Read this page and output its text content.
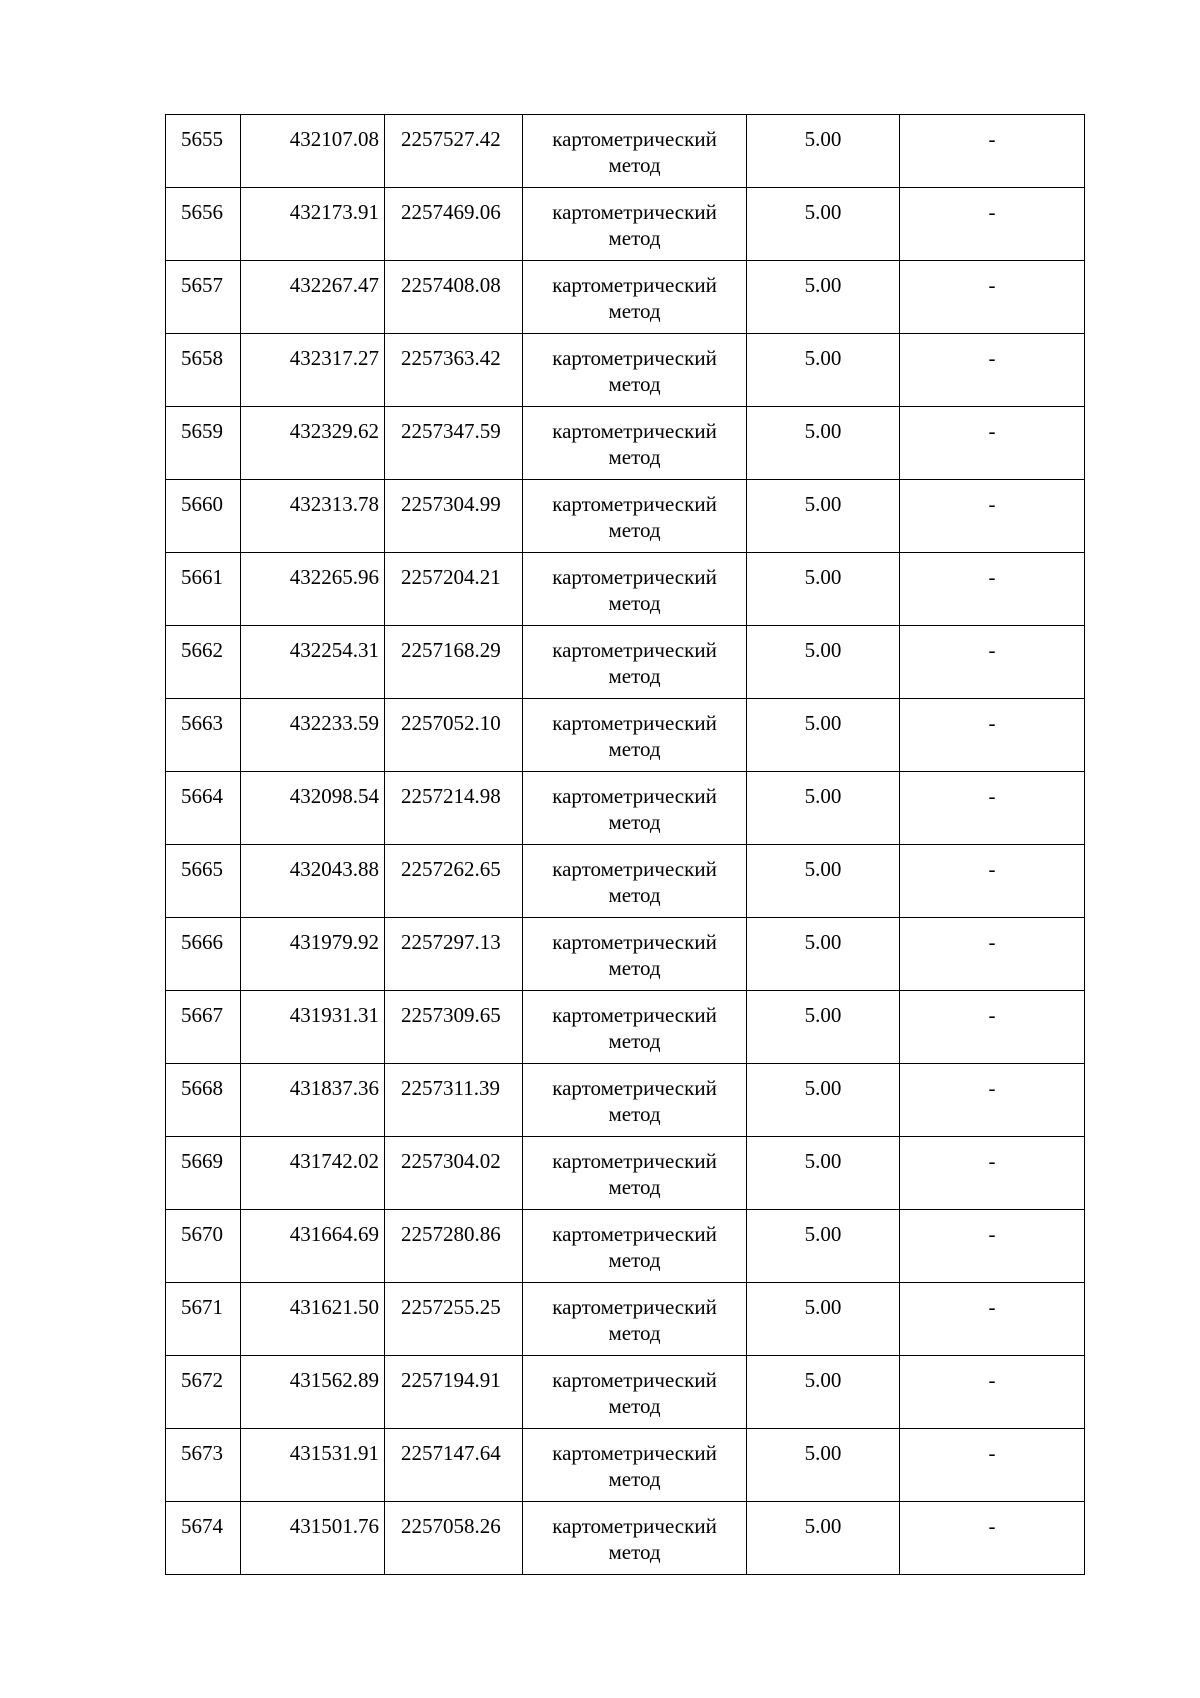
5655	432107.08	2257527.42	картометрический метод	5.00	-
5656	432173.91	2257469.06	картометрический метод	5.00	-
5657	432267.47	2257408.08	картометрический метод	5.00	-
5658	432317.27	2257363.42	картометрический метод	5.00	-
5659	432329.62	2257347.59	картометрический метод	5.00	-
5660	432313.78	2257304.99	картометрический метод	5.00	-
5661	432265.96	2257204.21	картометрический метод	5.00	-
5662	432254.31	2257168.29	картометрический метод	5.00	-
5663	432233.59	2257052.10	картометрический метод	5.00	-
5664	432098.54	2257214.98	картометрический метод	5.00	-
5665	432043.88	2257262.65	картометрический метод	5.00	-
5666	431979.92	2257297.13	картометрический метод	5.00	-
5667	431931.31	2257309.65	картометрический метод	5.00	-
5668	431837.36	2257311.39	картометрический метод	5.00	-
5669	431742.02	2257304.02	картометрический метод	5.00	-
5670	431664.69	2257280.86	картометрический метод	5.00	-
5671	431621.50	2257255.25	картометрический метод	5.00	-
5672	431562.89	2257194.91	картометрический метод	5.00	-
5673	431531.91	2257147.64	картометрический метод	5.00	-
5674	431501.76	2257058.26	картометрический метод	5.00	-
